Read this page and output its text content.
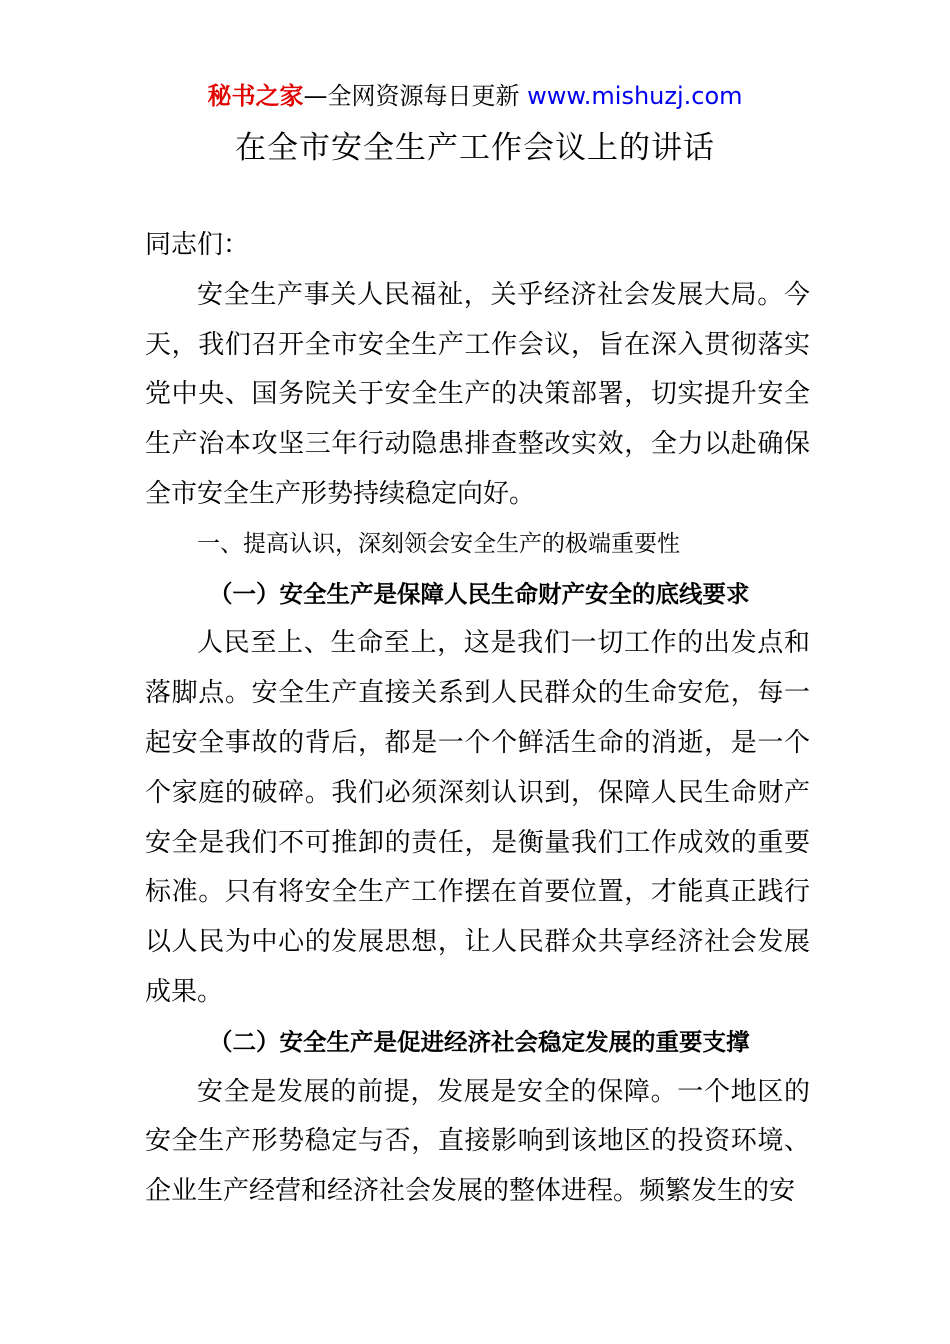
秘书之家—全网资源每日更新 www.mishuzj.com
在全市安全生产工作会议上的讲话

同志们：

安全生产事关人民福祉，关乎经济社会发展大局。今天，我们召开全市安全生产工作会议，旨在深入贯彻落实党中央、国务院关于安全生产的决策部署，切实提升安全生产治本攻坚三年行动隐患排查整改实效，全力以赴确保全市安全生产形势持续稳定向好。

一、提高认识，深刻领会安全生产的极端重要性

（一）安全生产是保障人民生命财产安全的底线要求

人民至上、生命至上，这是我们一切工作的出发点和落脚点。安全生产直接关系到人民群众的生命安危，每一起安全事故的背后，都是一个个鲜活生命的消逝，是一个个家庭的破碎。我们必须深刻认识到，保障人民生命财产安全是我们不可推卸的责任，是衡量我们工作成效的重要标准。只有将安全生产工作摆在首要位置，才能真正践行以人民为中心的发展思想，让人民群众共享经济社会发展成果。

（二）安全生产是促进经济社会稳定发展的重要支撑

安全是发展的前提，发展是安全的保障。一个地区的安全生产形势稳定与否，直接影响到该地区的投资环境、企业生产经营和经济社会发展的整体进程。频繁发生的安
